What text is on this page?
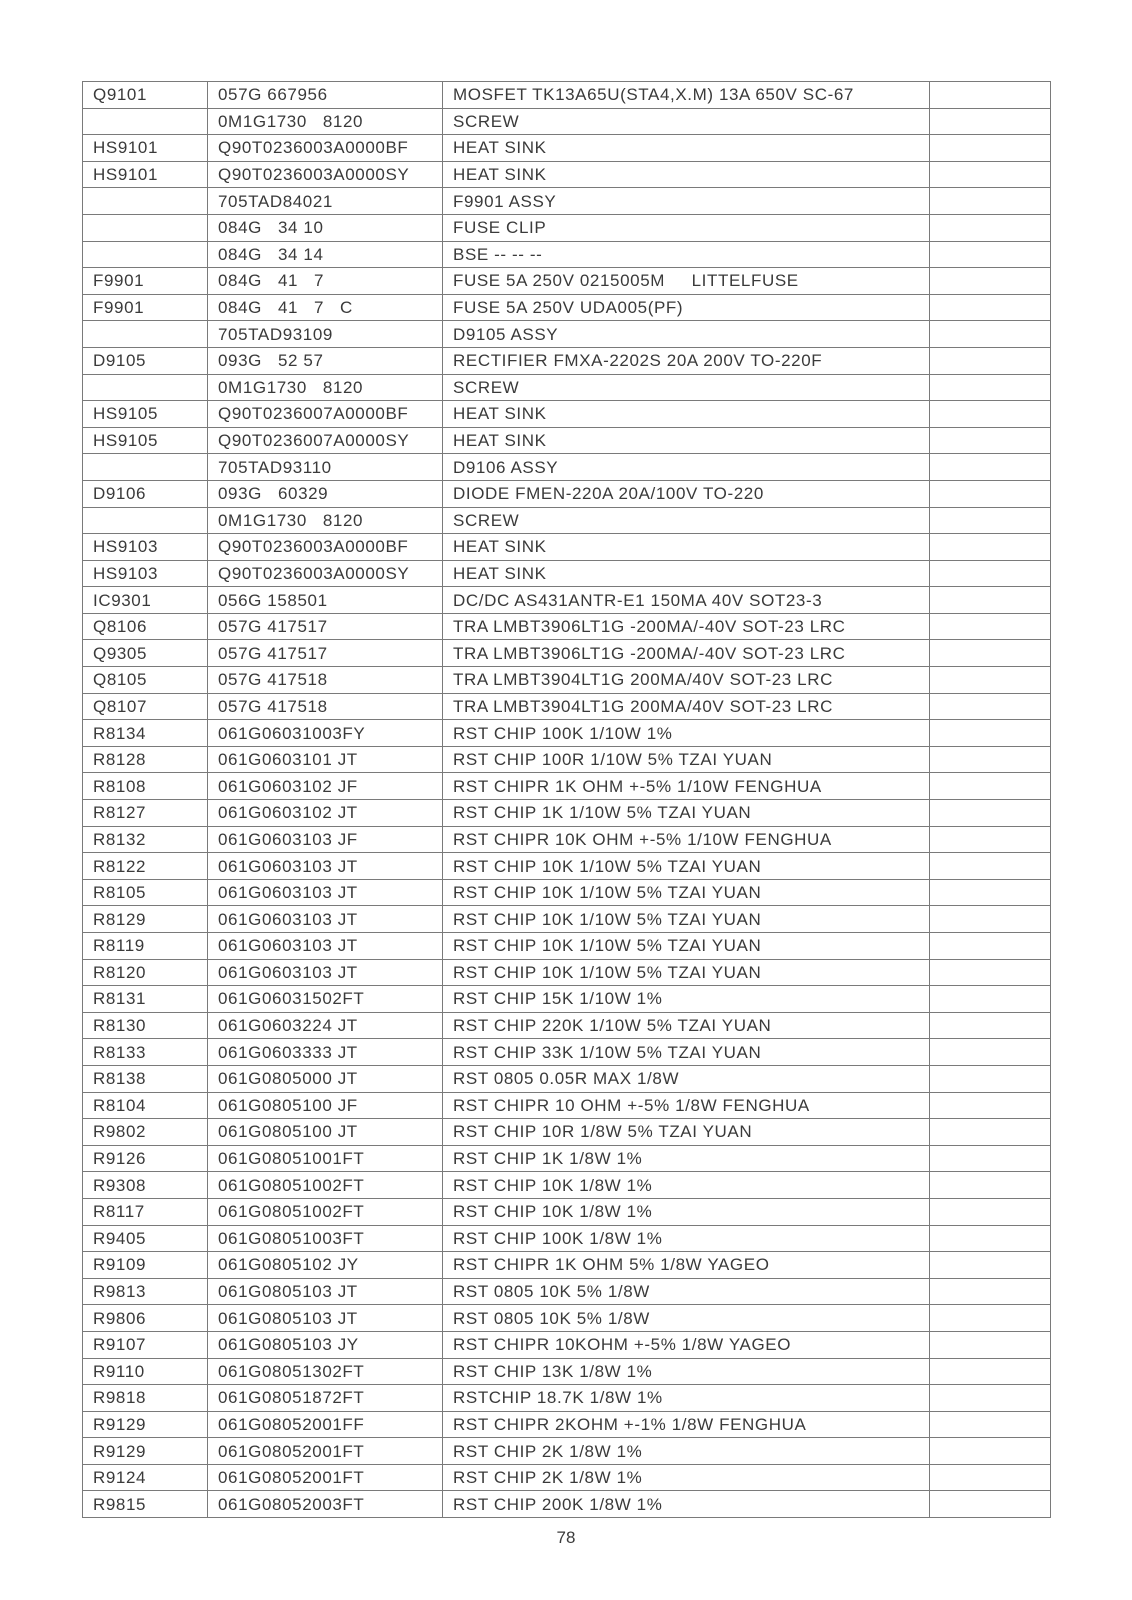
Q9101	057G 667956	MOSFET TK13A65U(STA4,X.M) 13A 650V SC-67	
	0M1G1730   8120	SCREW	
HS9101	Q90T0236003A0000BF	HEAT SINK	
HS9101	Q90T0236003A0000SY	HEAT SINK	
	705TAD84021	F9901 ASSY	
	084G   34 10	FUSE CLIP	
	084G   34 14	BSE -- -- --	
F9901	084G   41   7	FUSE 5A 250V 0215005M     LITTELFUSE	
F9901	084G   41   7   C	FUSE 5A 250V UDA005(PF)	
	705TAD93109	D9105 ASSY	
D9105	093G   52 57	RECTIFIER FMXA-2202S 20A 200V TO-220F	
	0M1G1730   8120	SCREW	
HS9105	Q90T0236007A0000BF	HEAT SINK	
HS9105	Q90T0236007A0000SY	HEAT SINK	
	705TAD93110	D9106 ASSY	
D9106	093G   60329	DIODE FMEN-220A 20A/100V TO-220	
	0M1G1730   8120	SCREW	
HS9103	Q90T0236003A0000BF	HEAT SINK	
HS9103	Q90T0236003A0000SY	HEAT SINK	
IC9301	056G 158501	DC/DC AS431ANTR-E1 150MA 40V SOT23-3	
Q8106	057G 417517	TRA LMBT3906LT1G -200MA/-40V SOT-23 LRC	
Q9305	057G 417517	TRA LMBT3906LT1G -200MA/-40V SOT-23 LRC	
Q8105	057G 417518	TRA LMBT3904LT1G 200MA/40V SOT-23 LRC	
Q8107	057G 417518	TRA LMBT3904LT1G 200MA/40V SOT-23 LRC	
R8134	061G06031003FY	RST CHIP 100K 1/10W 1%	
R8128	061G0603101 JT	RST CHIP 100R 1/10W 5% TZAI YUAN	
R8108	061G0603102 JF	RST CHIPR 1K OHM +-5% 1/10W FENGHUA	
R8127	061G0603102 JT	RST CHIP 1K 1/10W 5% TZAI YUAN	
R8132	061G0603103 JF	RST CHIPR 10K OHM +-5% 1/10W FENGHUA	
R8122	061G0603103 JT	RST CHIP 10K 1/10W 5% TZAI YUAN	
R8105	061G0603103 JT	RST CHIP 10K 1/10W 5% TZAI YUAN	
R8129	061G0603103 JT	RST CHIP 10K 1/10W 5% TZAI YUAN	
R8119	061G0603103 JT	RST CHIP 10K 1/10W 5% TZAI YUAN	
R8120	061G0603103 JT	RST CHIP 10K 1/10W 5% TZAI YUAN	
R8131	061G06031502FT	RST CHIP 15K 1/10W 1%	
R8130	061G0603224 JT	RST CHIP 220K 1/10W 5% TZAI YUAN	
R8133	061G0603333 JT	RST CHIP 33K 1/10W 5% TZAI YUAN	
R8138	061G0805000 JT	RST 0805 0.05R MAX 1/8W	
R8104	061G0805100 JF	RST CHIPR 10 OHM +-5% 1/8W FENGHUA	
R9802	061G0805100 JT	RST CHIP 10R 1/8W 5% TZAI YUAN	
R9126	061G08051001FT	RST CHIP 1K 1/8W 1%	
R9308	061G08051002FT	RST CHIP 10K 1/8W 1%	
R8117	061G08051002FT	RST CHIP 10K 1/8W 1%	
R9405	061G08051003FT	RST CHIP 100K 1/8W 1%	
R9109	061G0805102 JY	RST CHIPR 1K OHM 5% 1/8W YAGEO	
R9813	061G0805103 JT	RST 0805 10K 5% 1/8W	
R9806	061G0805103 JT	RST 0805 10K 5% 1/8W	
R9107	061G0805103 JY	RST CHIPR 10KOHM +-5% 1/8W YAGEO	
R9110	061G08051302FT	RST CHIP 13K 1/8W 1%	
R9818	061G08051872FT	RSTCHIP 18.7K 1/8W 1%	
R9129	061G08052001FF	RST CHIPR 2KOHM +-1% 1/8W FENGHUA	
R9129	061G08052001FT	RST CHIP 2K 1/8W 1%	
R9124	061G08052001FT	RST CHIP 2K 1/8W 1%	
R9815	061G08052003FT	RST CHIP 200K 1/8W 1%	
78
